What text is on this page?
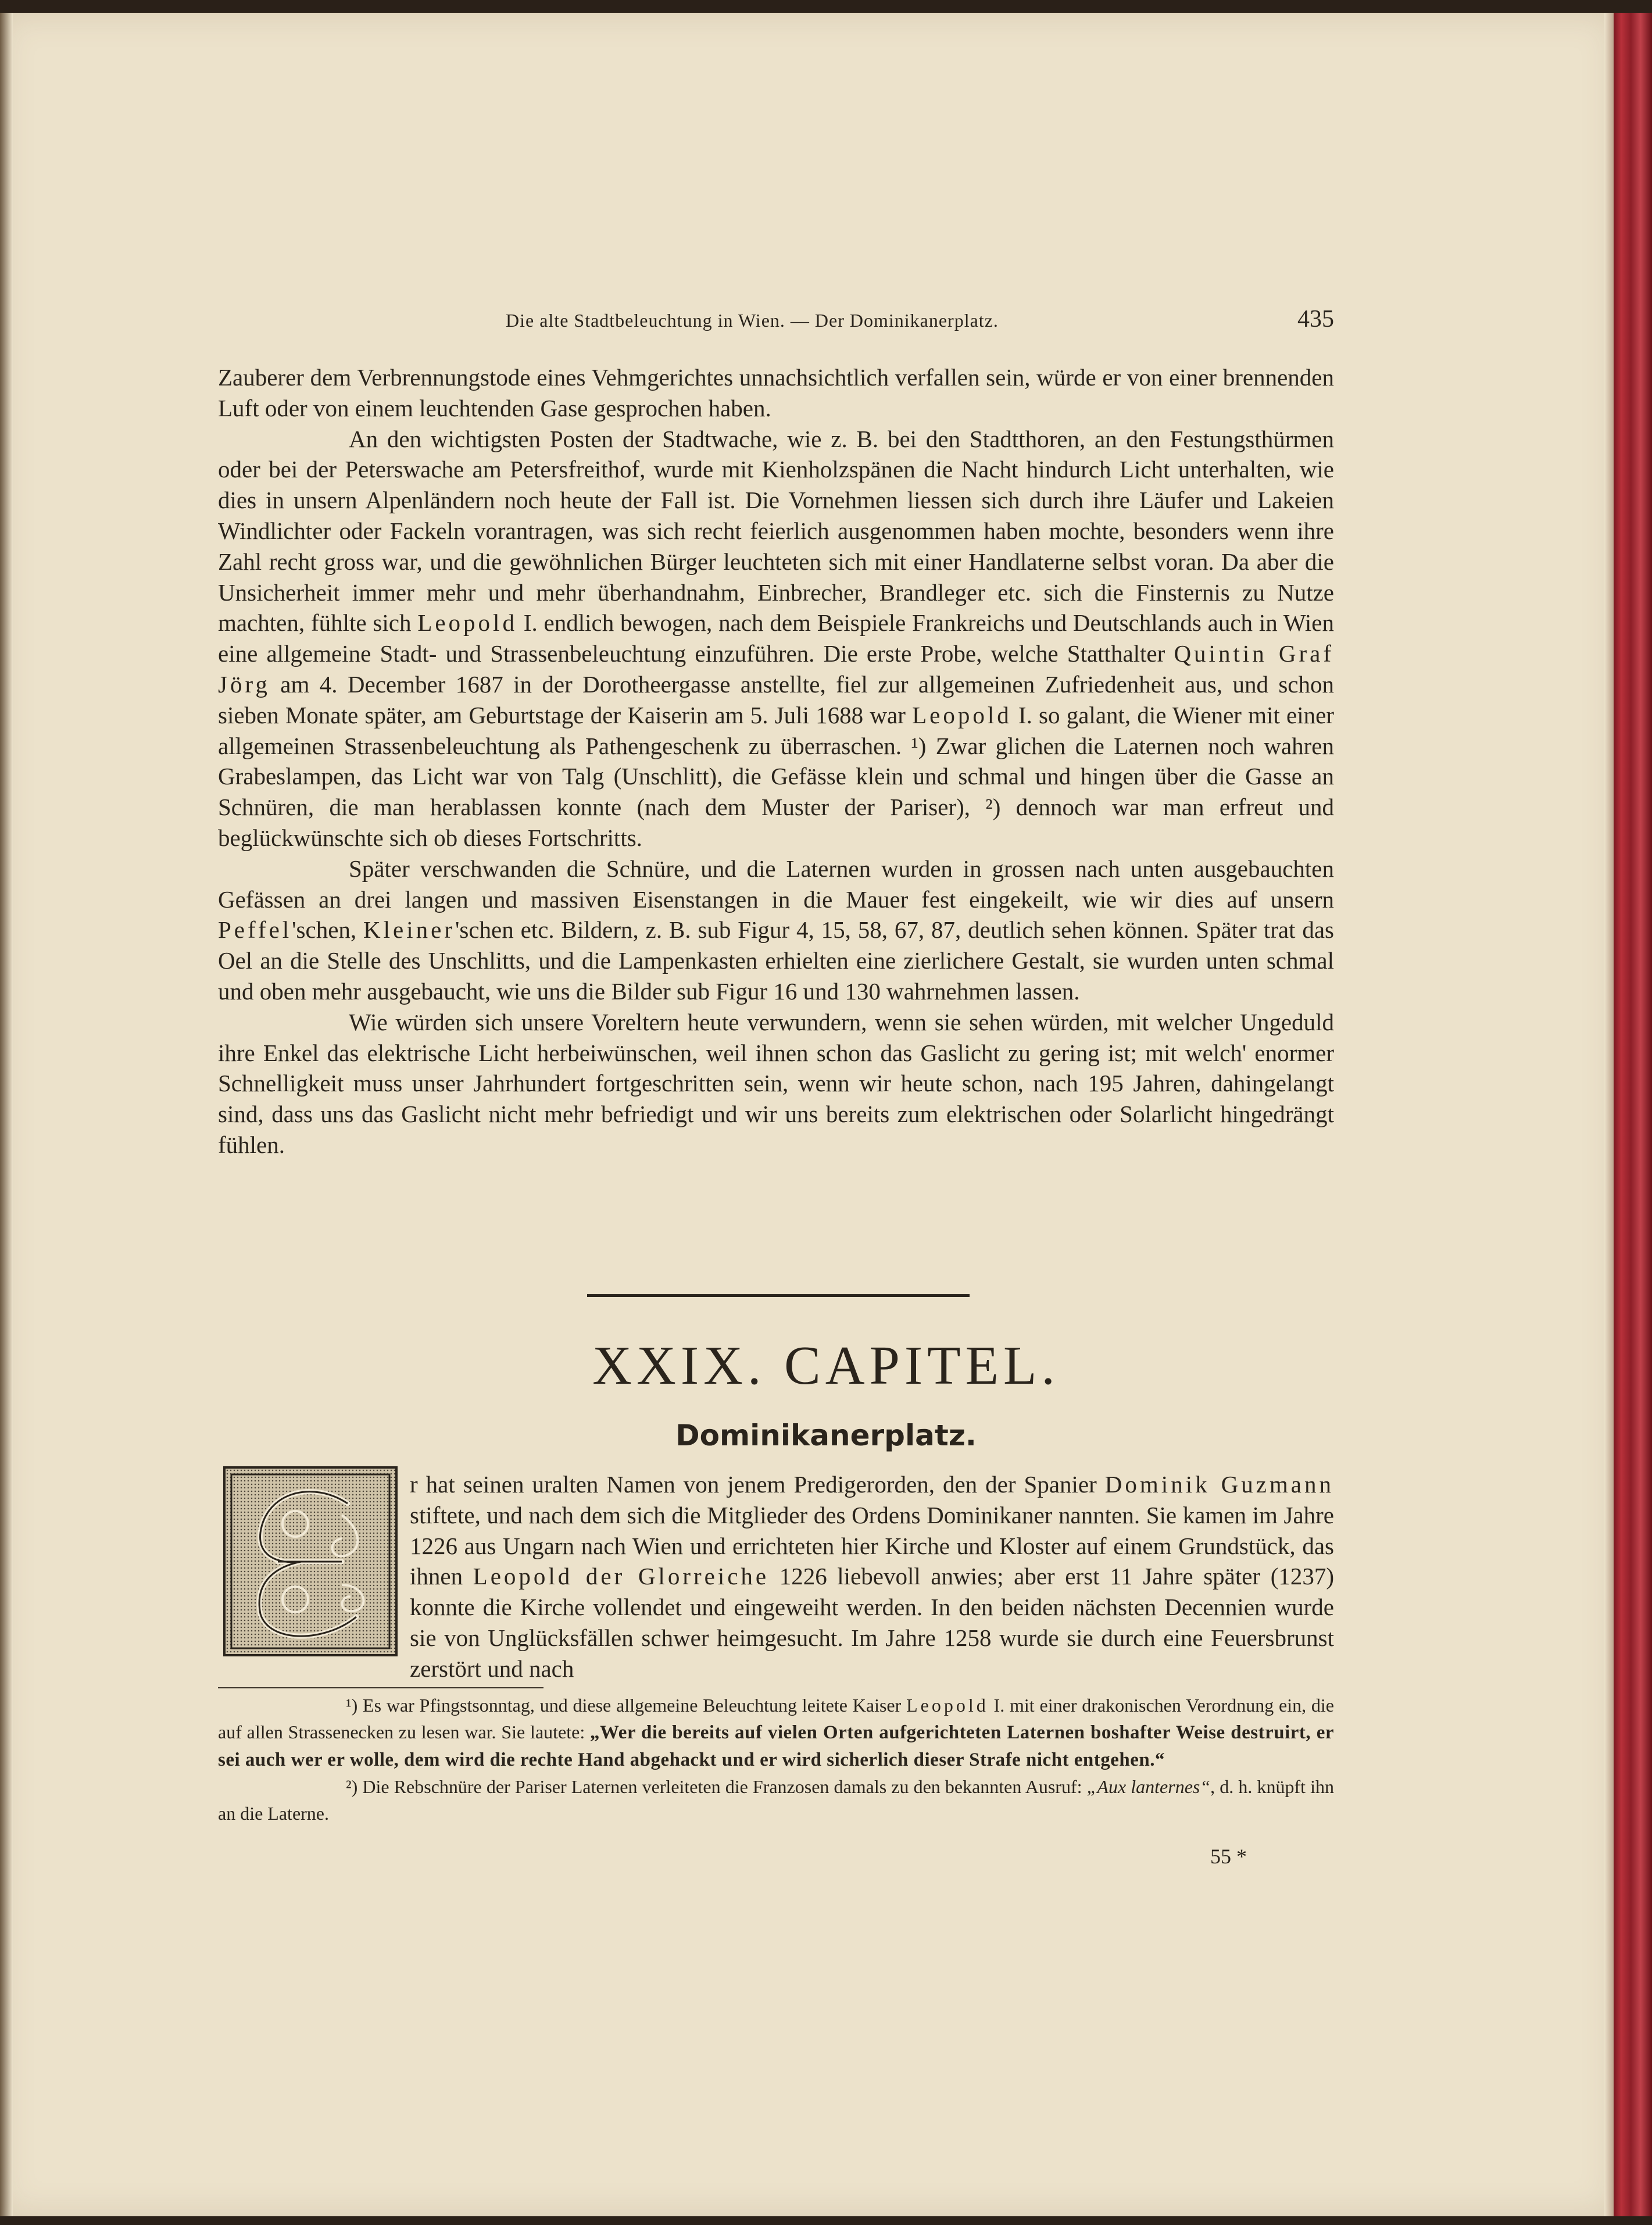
Die alte Stadtbeleuchtung in Wien. — Der Dominikanerplatz.	435

Zauberer dem Verbrennungstode eines Vehmgerichtes unnachsichtlich verfallen sein, würde er von einer brennenden Luft oder von einem leuchtenden Gase gesprochen haben.

An den wichtigsten Posten der Stadtwache, wie z. B. bei den Stadtthoren, an den Festungsthürmen oder bei der Peterswache am Petersfreithof, wurde mit Kienholzspänen die Nacht hindurch Licht unterhalten, wie dies in unsern Alpenländern noch heute der Fall ist. Die Vornehmen liessen sich durch ihre Läufer und Lakeien Windlichter oder Fackeln vorantragen, was sich recht feierlich ausgenommen haben mochte, besonders wenn ihre Zahl recht gross war, und die gewöhnlichen Bürger leuchteten sich mit einer Handlaterne selbst voran. Da aber die Unsicherheit immer mehr und mehr überhandnahm, Einbrecher, Brandleger etc. sich die Finsternis zu Nutze machten, fühlte sich Leopold I. endlich bewogen, nach dem Beispiele Frankreichs und Deutschlands auch in Wien eine allgemeine Stadt- und Strassenbeleuchtung einzuführen. Die erste Probe, welche Statthalter Quintin Graf Jörg am 4. December 1687 in der Dorotheergasse anstellte, fiel zur allgemeinen Zufriedenheit aus, und schon sieben Monate später, am Geburtstage der Kaiserin am 5. Juli 1688 war Leopold I. so galant, die Wiener mit einer allgemeinen Strassenbeleuchtung als Pathengeschenk zu überraschen. ¹) Zwar glichen die Laternen noch wahren Grabeslampen, das Licht war von Talg (Unschlitt), die Gefässe klein und schmal und hingen über die Gasse an Schnüren, die man herablassen konnte (nach dem Muster der Pariser), ²) dennoch war man erfreut und beglückwünschte sich ob dieses Fortschritts.

Später verschwanden die Schnüre, und die Laternen wurden in grossen nach unten ausgebauchten Gefässen an drei langen und massiven Eisenstangen in die Mauer fest eingekeilt, wie wir dies auf unsern Peffel'schen, Kleiner'schen etc. Bildern, z. B. sub Figur 4, 15, 58, 67, 87, deutlich sehen können. Später trat das Oel an die Stelle des Unschlitts, und die Lampenkasten erhielten eine zierlichere Gestalt, sie wurden unten schmal und oben mehr ausgebaucht, wie uns die Bilder sub Figur 16 und 130 wahrnehmen lassen.

Wie würden sich unsere Voreltern heute verwundern, wenn sie sehen würden, mit welcher Ungeduld ihre Enkel das elektrische Licht herbeiwünschen, weil ihnen schon das Gaslicht zu gering ist; mit welch' enormer Schnelligkeit muss unser Jahrhundert fortgeschritten sein, wenn wir heute schon, nach 195 Jahren, dahingelangt sind, dass uns das Gaslicht nicht mehr befriedigt und wir uns bereits zum elektrischen oder Solarlicht hingedrängt fühlen.

XXIX. CAPITEL.
Dominikanerplatz.

r hat seinen uralten Namen von jenem Predigerorden, den der Spanier Dominik Guzmann stiftete, und nach dem sich die Mitglieder des Ordens Dominikaner nannten. Sie kamen im Jahre 1226 aus Ungarn nach Wien und errichteten hier Kirche und Kloster auf einem Grundstück, das ihnen Leopold der Glorreiche 1226 liebevoll anwies; aber erst 11 Jahre später (1237) konnte die Kirche vollendet und eingeweiht werden. In den beiden nächsten Decennien wurde sie von Unglücksfällen schwer heimgesucht. Im Jahre 1258 wurde sie durch eine Feuersbrunst zerstört und nach

¹) Es war Pfingstsonntag, und diese allgemeine Beleuchtung leitete Kaiser Leopold I. mit einer drakonischen Verordnung ein, die auf allen Strassenecken zu lesen war. Sie lautete: „Wer die bereits auf vielen Orten aufgerichteten Laternen boshafter Weise destruirt, er sei auch wer er wolle, dem wird die rechte Hand abgehackt und er wird sicherlich dieser Strafe nicht entgehen.“

²) Die Rebschnüre der Pariser Laternen verleiteten die Franzosen damals zu den bekannten Ausruf: „Aux lanternes“, d. h. knüpft ihn an die Laterne.

55 *
